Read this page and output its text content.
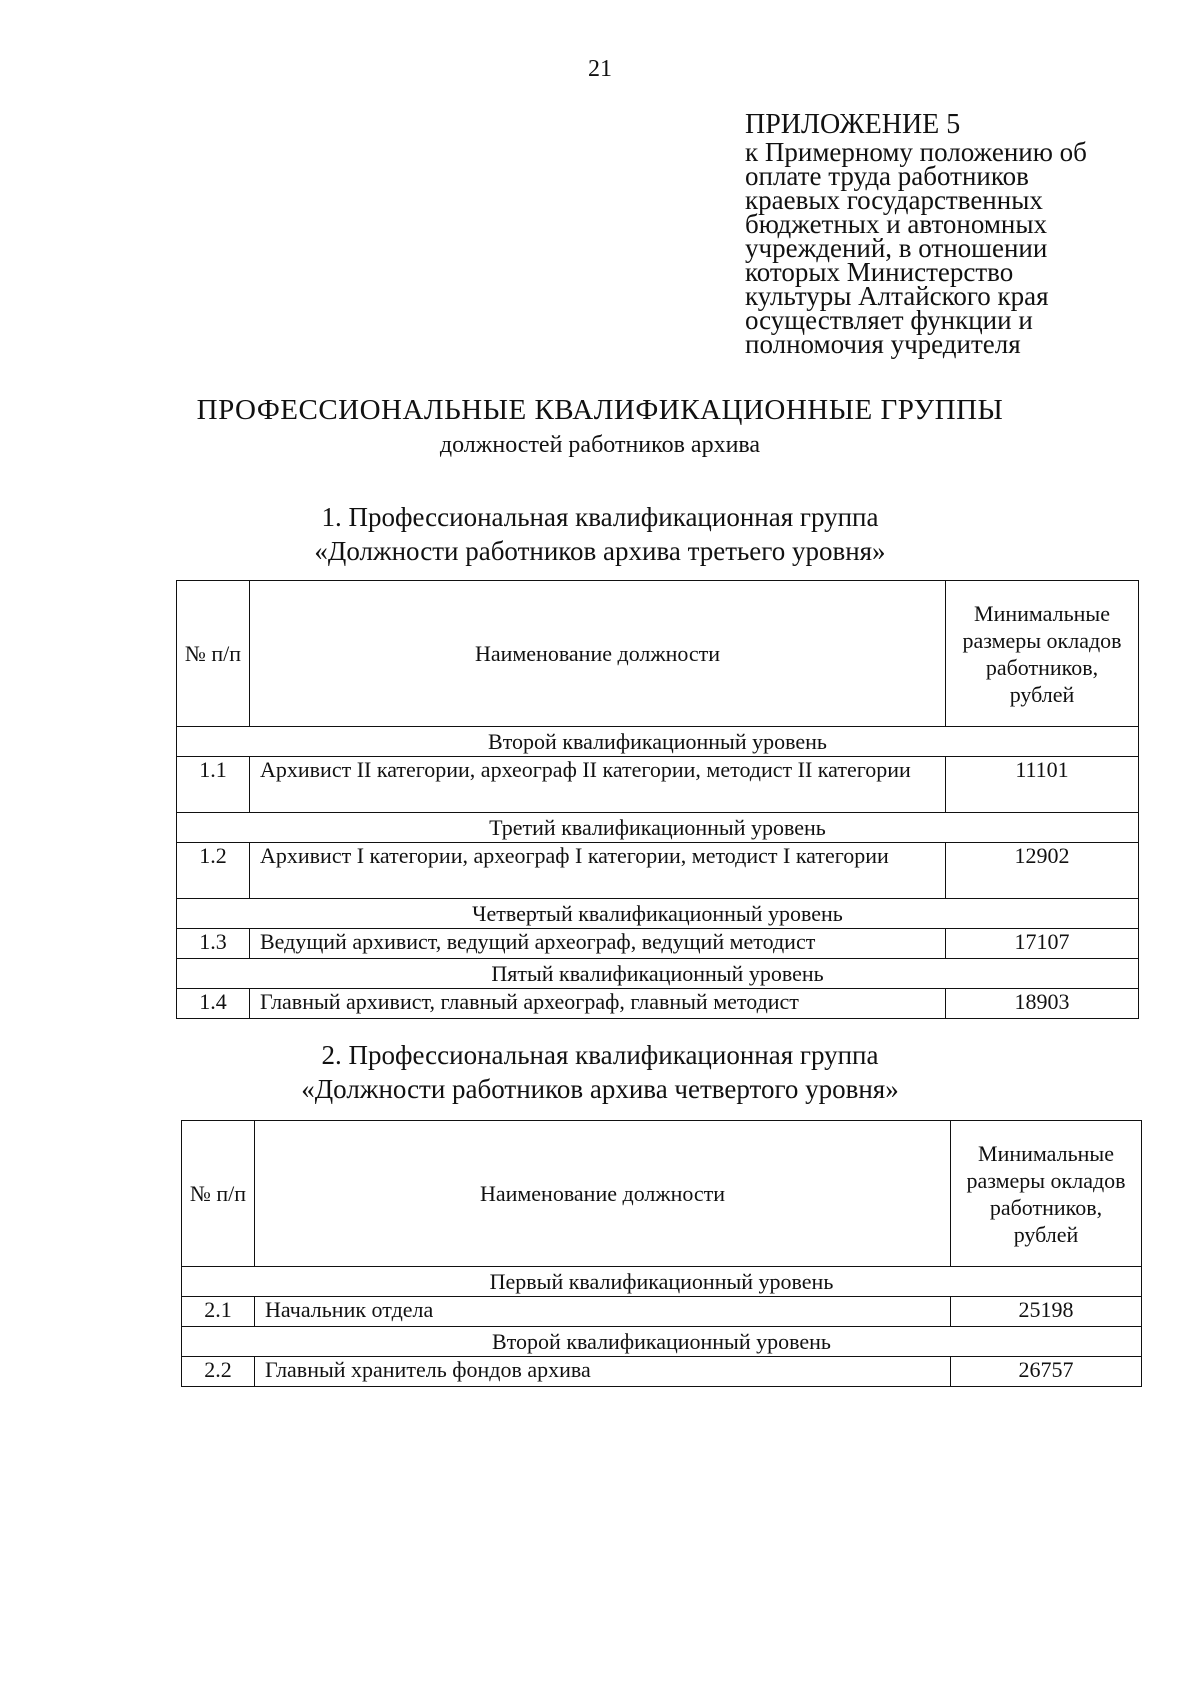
21
ПРИЛОЖЕНИЕ 5
к Примерному положению об
оплате труда работников
краевых государственных
бюджетных и автономных
учреждений, в отношении
которых Министерство
культуры Алтайского края
осуществляет функции и
полномочия учредителя
ПРОФЕССИОНАЛЬНЫЕ КВАЛИФИКАЦИОННЫЕ ГРУППЫ
должностей работников архива
1. Профессиональная квалификационная группа
«Должности работников архива третьего уровня»
№ п/п	Наименование должности	Минимальные размеры окладов работников, рублей
Второй квалификационный уровень		
1.1	Архивист II категории, археограф II категории, методист II категории	11101
Третий квалификационный уровень		
1.2	Архивист I категории, археограф I категории, методист I категории	12902
Четвертый квалификационный уровень		
1.3	Ведущий архивист, ведущий археограф, ведущий методист	17107
Пятый квалификационный уровень		
1.4	Главный архивист, главный археограф, главный методист	18903
2. Профессиональная квалификационная группа
«Должности работников архива четвертого уровня»
№ п/п	Наименование должности	Минимальные размеры окладов работников, рублей
Первый квалификационный уровень		
2.1	Начальник отдела	25198
Второй квалификационный уровень		
2.2	Главный хранитель фондов архива	26757
